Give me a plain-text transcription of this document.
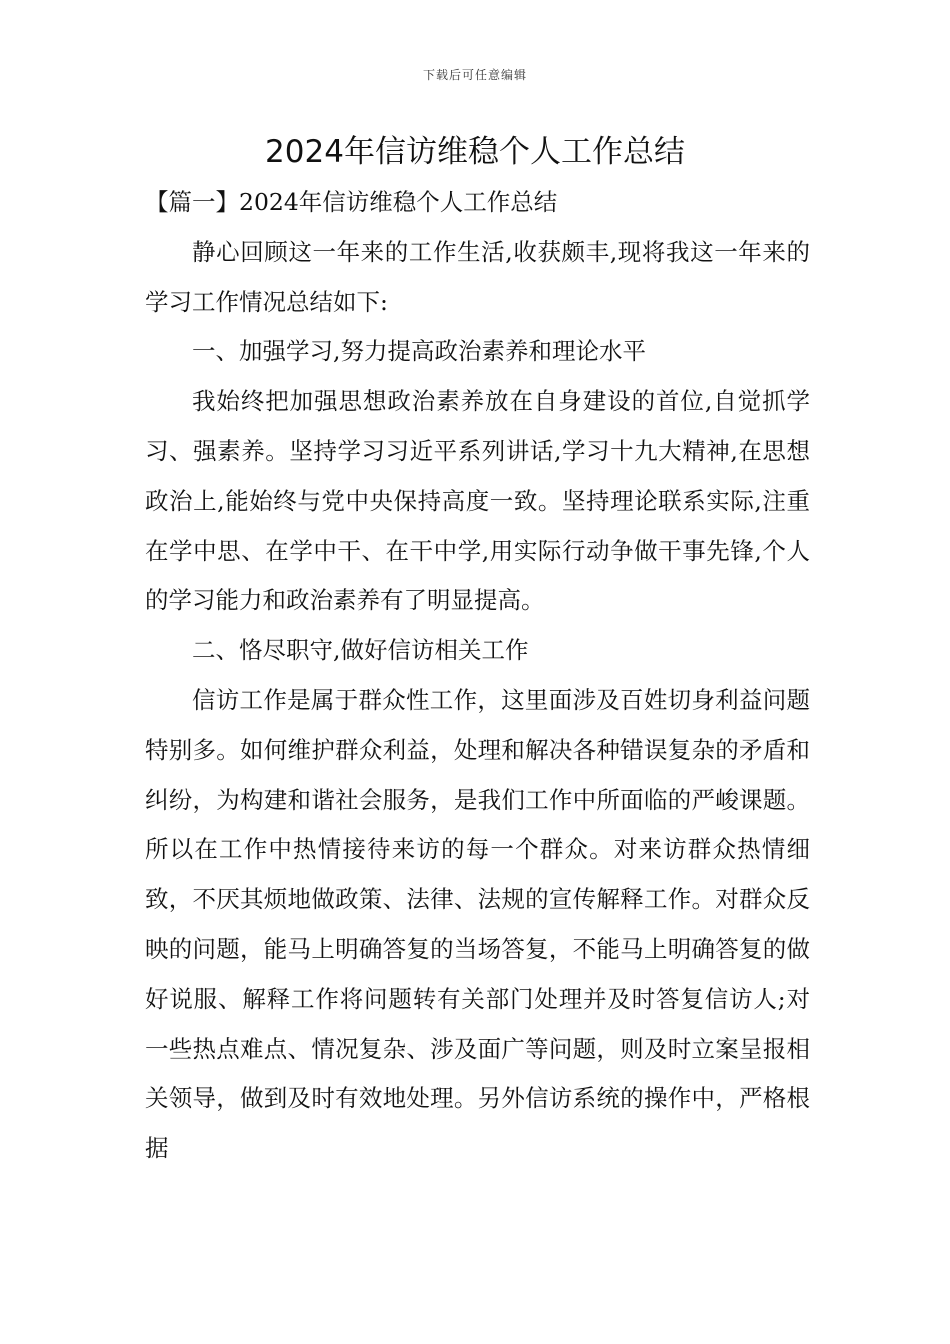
下载后可任意编辑
2024年信访维稳个人工作总结

【篇一】2024年信访维稳个人工作总结

静心回顾这一年来的工作生活,收获颇丰,现将我这一年来的学习工作情况总结如下:

一、加强学习,努力提高政治素养和理论水平

我始终把加强思想政治素养放在自身建设的首位,自觉抓学习、强素养。坚持学习习近平系列讲话,学习十九大精神,在思想政治上,能始终与党中央保持高度一致。坚持理论联系实际,注重在学中思、在学中干、在干中学,用实际行动争做干事先锋,个人的学习能力和政治素养有了明显提高。

二、恪尽职守,做好信访相关工作

信访工作是属于群众性工作，这里面涉及百姓切身利益问题特别多。如何维护群众利益，处理和解决各种错误复杂的矛盾和纠纷，为构建和谐社会服务，是我们工作中所面临的严峻课题。所以在工作中热情接待来访的每一个群众。对来访群众热情细致，不厌其烦地做政策、法律、法规的宣传解释工作。对群众反映的问题，能马上明确答复的当场答复，不能马上明确答复的做好说服、解释工作将问题转有关部门处理并及时答复信访人;对一些热点难点、情况复杂、涉及面广等问题，则及时立案呈报相关领导，做到及时有效地处理。另外信访系统的操作中，严格根据
